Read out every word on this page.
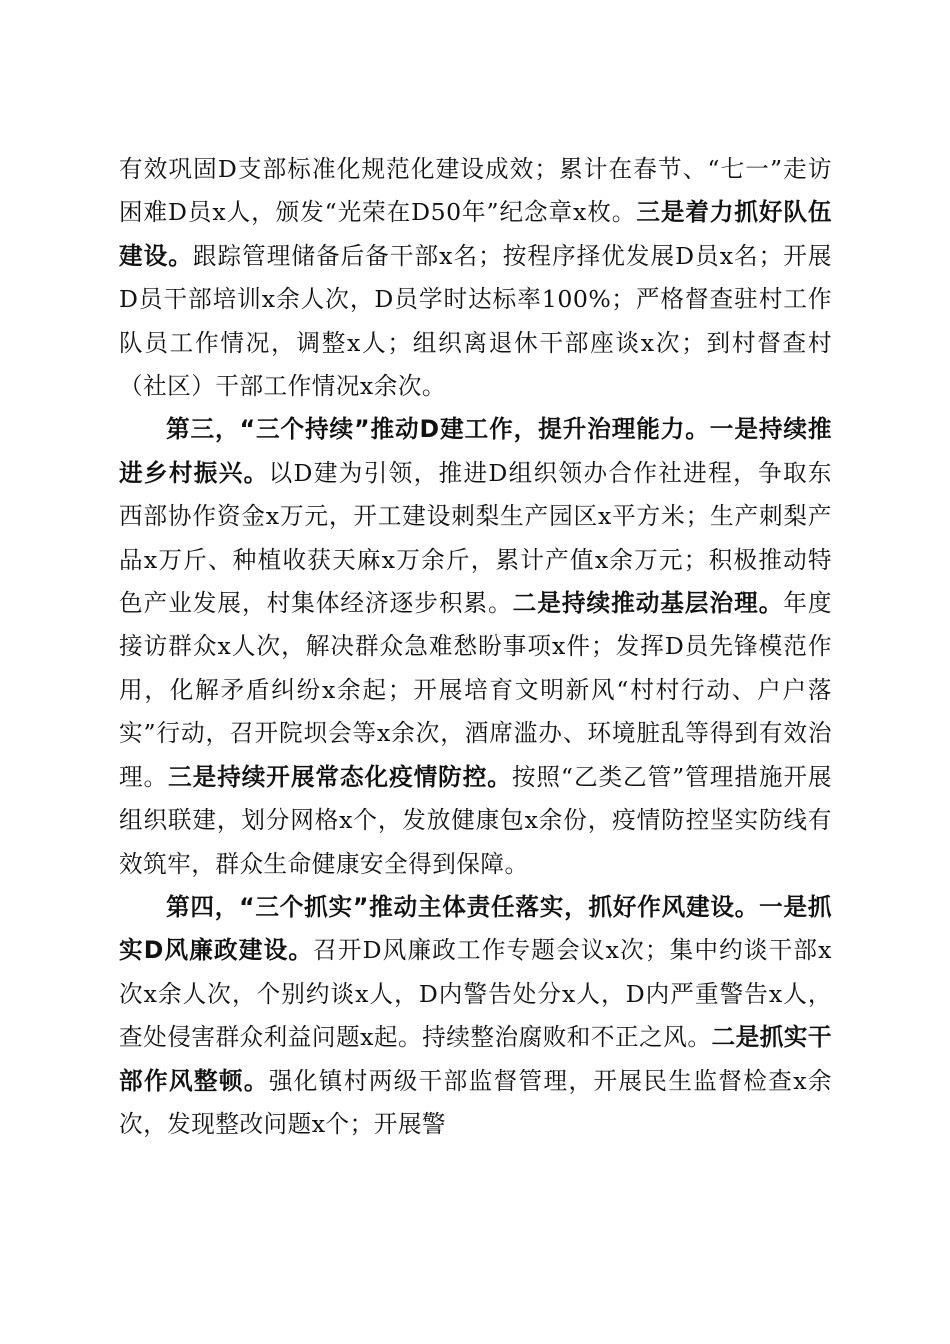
有效巩固D支部标准化规范化建设成效；累计在春节、“七一”走访困难D员x人，颁发“光荣在D50年”纪念章x枚。三是着力抓好队伍建设。跟踪管理储备后备干部x名；按程序择优发展D员x名；开展D员干部培训x余人次，D员学时达标率100%；严格督查驻村工作队员工作情况，调整x人；组织离退休干部座谈x次；到村督查村（社区）干部工作情况x余次。

第三，“三个持续”推动D建工作，提升治理能力。一是持续推进乡村振兴。以D建为引领，推进D组织领办合作社进程，争取东西部协作资金x万元，开工建设刺梨生产园区x平方米；生产刺梨产品x万斤、种植收获天麻x万余斤，累计产值x余万元；积极推动特色产业发展，村集体经济逐步积累。二是持续推动基层治理。年度接访群众x人次，解决群众急难愁盼事项x件；发挥D员先锋模范作用，化解矛盾纠纷x余起；开展培育文明新风“村村行动、户户落实”行动，召开院坝会等x余次，酒席滥办、环境脏乱等得到有效治理。三是持续开展常态化疫情防控。按照“乙类乙管”管理措施开展组织联建，划分网格x个，发放健康包x余份，疫情防控坚实防线有效筑牢，群众生命健康安全得到保障。

第四，“三个抓实”推动主体责任落实，抓好作风建设。一是抓实D风廉政建设。召开D风廉政工作专题会议x次；集中约谈干部x次x余人次，个别约谈x人，D内警告处分x人，D内严重警告x人，查处侵害群众利益问题x起。持续整治腐败和不正之风。二是抓实干部作风整顿。强化镇村两级干部监督管理，开展民生监督检查x余次，发现整改问题x个；开展警
